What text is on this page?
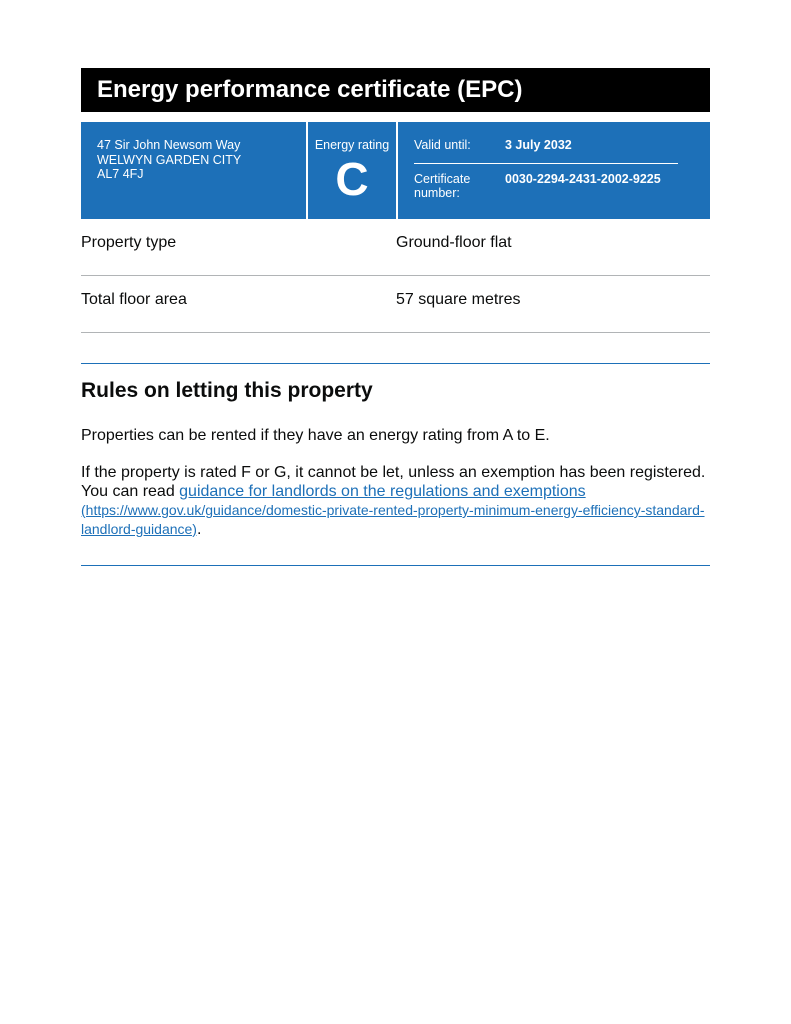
Energy performance certificate (EPC)
47 Sir John Newsom Way
WELWYN GARDEN CITY
AL7 4FJ
Energy rating
C
Valid until:	3 July 2032
Certificate number:
0030-2294-2431-2002-9225
Property type	Ground-floor flat
Total floor area	57 square metres
Rules on letting this property

Properties can be rented if they have an energy rating from A to E.

If the property is rated F or G, it cannot be let, unless an exemption has been registered. You can read guidance for landlords on the regulations and exemptions
(https://www.gov.uk/guidance/domestic-private-rented-property-minimum-energy-efficiency-standard-landlord-guidance).
